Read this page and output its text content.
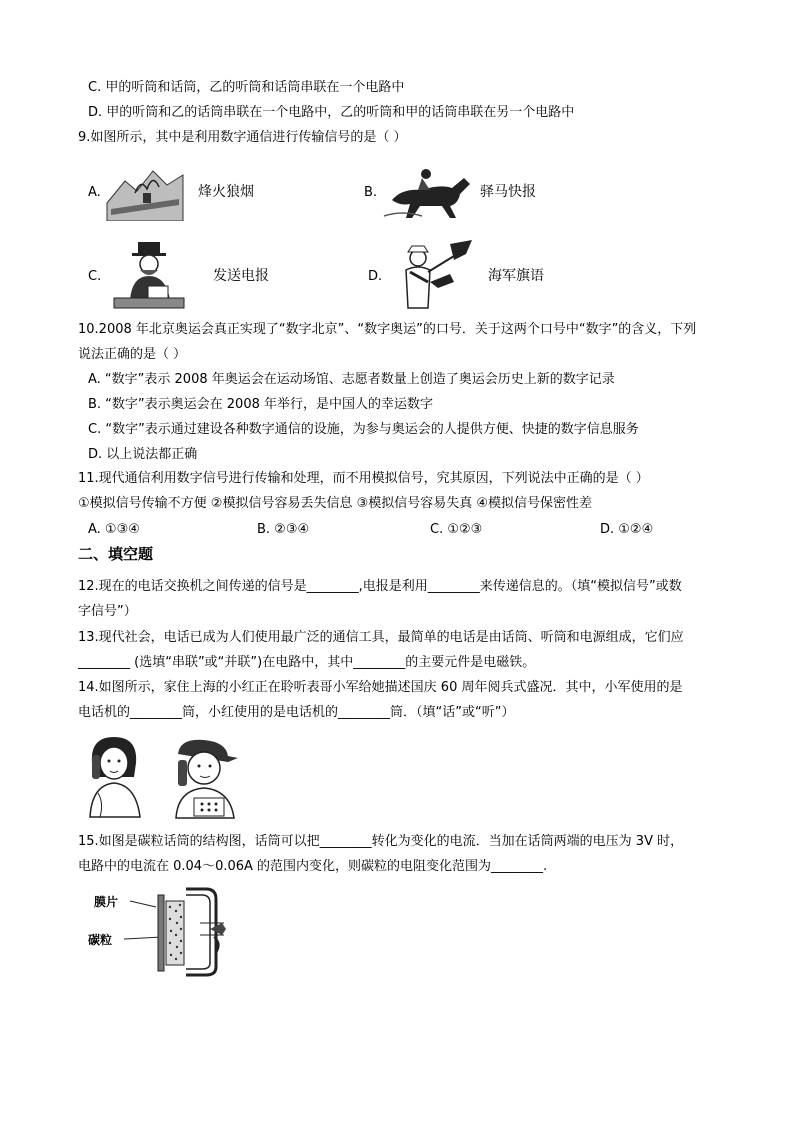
C. 甲的听筒和话筒，乙的听筒和话筒串联在一个电路中
D. 甲的听筒和乙的话筒串联在一个电路中，乙的听筒和甲的话筒串联在另一个电路中
9.如图所示，其中是利用数字通信进行传输信号的是（ ）
A.	烽火狼烟	B.	驿马快报
C.	发送电报	D.	海军旗语
10.2008 年北京奥运会真正实现了“数字北京”、“数字奥运”的口号．关于这两个口号中“数字”的含义，下列
说法正确的是（ ）
A. “数字”表示 2008 年奥运会在运动场馆、志愿者数量上创造了奥运会历史上新的数字记录
B. “数字”表示奥运会在 2008 年举行，是中国人的幸运数字
C. “数字”表示通过建设各种数字通信的设施，为参与奥运会的人提供方便、快捷的数字信息服务
D. 以上说法都正确
11.现代通信利用数字信号进行传输和处理，而不用模拟信号，究其原因，下列说法中正确的是（ ）
①模拟信号传输不方便 ②模拟信号容易丢失信息 ③模拟信号容易失真 ④模拟信号保密性差
A. ①③④	B. ②③④	C. ①②③	D. ①②④
二、填空题
12.现在的电话交换机之间传递的信号是________,电报是利用________来传递信息的。（填“模拟信号”或数
字信号”）
13.现代社会，电话已成为人们使用最广泛的通信工具，最简单的电话是由话筒、听筒和电源组成，它们应
________ (选填“串联”或“并联”)在电路中，其中________的主要元件是电磁铁。
14.如图所示，家住上海的小红正在聆听表哥小军给她描述国庆 60 周年阅兵式盛况．其中，小军使用的是
电话机的________筒，小红使用的是电话机的________筒．（填“话”或“听”）
15.如图是碳粒话筒的结构图，话筒可以把________转化为变化的电流．当加在话筒两端的电压为 3V 时，
电路中的电流在 0.04～0.06A 的范围内变化，则碳粒的电阻变化范围为________.
膜片
碳粒
